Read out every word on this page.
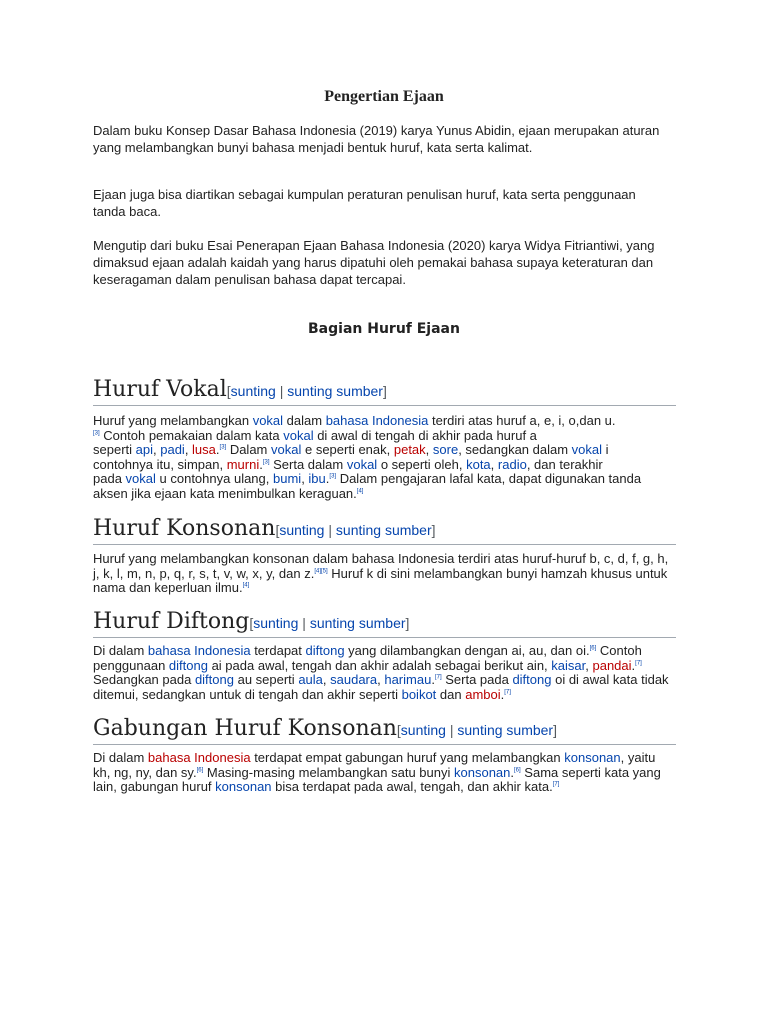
Pengertian Ejaan
Dalam buku Konsep Dasar Bahasa Indonesia (2019) karya Yunus Abidin, ejaan merupakan aturan yang melambangkan bunyi bahasa menjadi bentuk huruf, kata serta kalimat.
Ejaan juga bisa diartikan sebagai kumpulan peraturan penulisan huruf, kata serta penggunaan tanda baca.
Mengutip dari buku Esai Penerapan Ejaan Bahasa Indonesia (2020) karya Widya Fitriantiwi, yang dimaksud ejaan adalah kaidah yang harus dipatuhi oleh pemakai bahasa supaya keteraturan dan keseragaman dalam penulisan bahasa dapat tercapai.
Bagian Huruf Ejaan
Huruf Vokal[sunting | sunting sumber]
Huruf yang melambangkan vokal dalam bahasa Indonesia terdiri atas huruf a, e, i, o,dan u.
[3] Contoh pemakaian dalam kata vokal di awal di tengah di akhir pada huruf a
seperti api, padi, lusa.[3] Dalam vokal e seperti enak, petak, sore, sedangkan dalam vokal i
contohnya itu, simpan, murni.[3] Serta dalam vokal o seperti oleh, kota, radio, dan terakhir
pada vokal u contohnya ulang, bumi, ibu.[3] Dalam pengajaran lafal kata, dapat digunakan tanda aksen jika ejaan kata menimbulkan keraguan.[4]
Huruf Konsonan[sunting | sunting sumber]
Huruf yang melambangkan konsonan dalam bahasa Indonesia terdiri atas huruf-huruf b, c, d, f, g, h, j, k, l, m, n, p, q, r, s, t, v, w, x, y, dan z.[4][5] Huruf k di sini melambangkan bunyi hamzah khusus untuk nama dan keperluan ilmu.[4]
Huruf Diftong[sunting | sunting sumber]
Di dalam bahasa Indonesia terdapat diftong yang dilambangkan dengan ai, au, dan oi.[6] Contoh penggunaan diftong ai pada awal, tengah dan akhir adalah sebagai berikut ain, kaisar, pandai.[7] Sedangkan pada diftong au seperti aula, saudara, harimau.[7] Serta pada diftong oi di awal kata tidak ditemui, sedangkan untuk di tengah dan akhir seperti boikot dan amboi.[7]
Gabungan Huruf Konsonan[sunting | sunting sumber]
Di dalam bahasa Indonesia terdapat empat gabungan huruf yang melambangkan konsonan, yaitu kh, ng, ny, dan sy.[6] Masing-masing melambangkan satu bunyi konsonan.[6] Sama seperti kata yang lain, gabungan huruf konsonan bisa terdapat pada awal, tengah, dan akhir kata.[7]
